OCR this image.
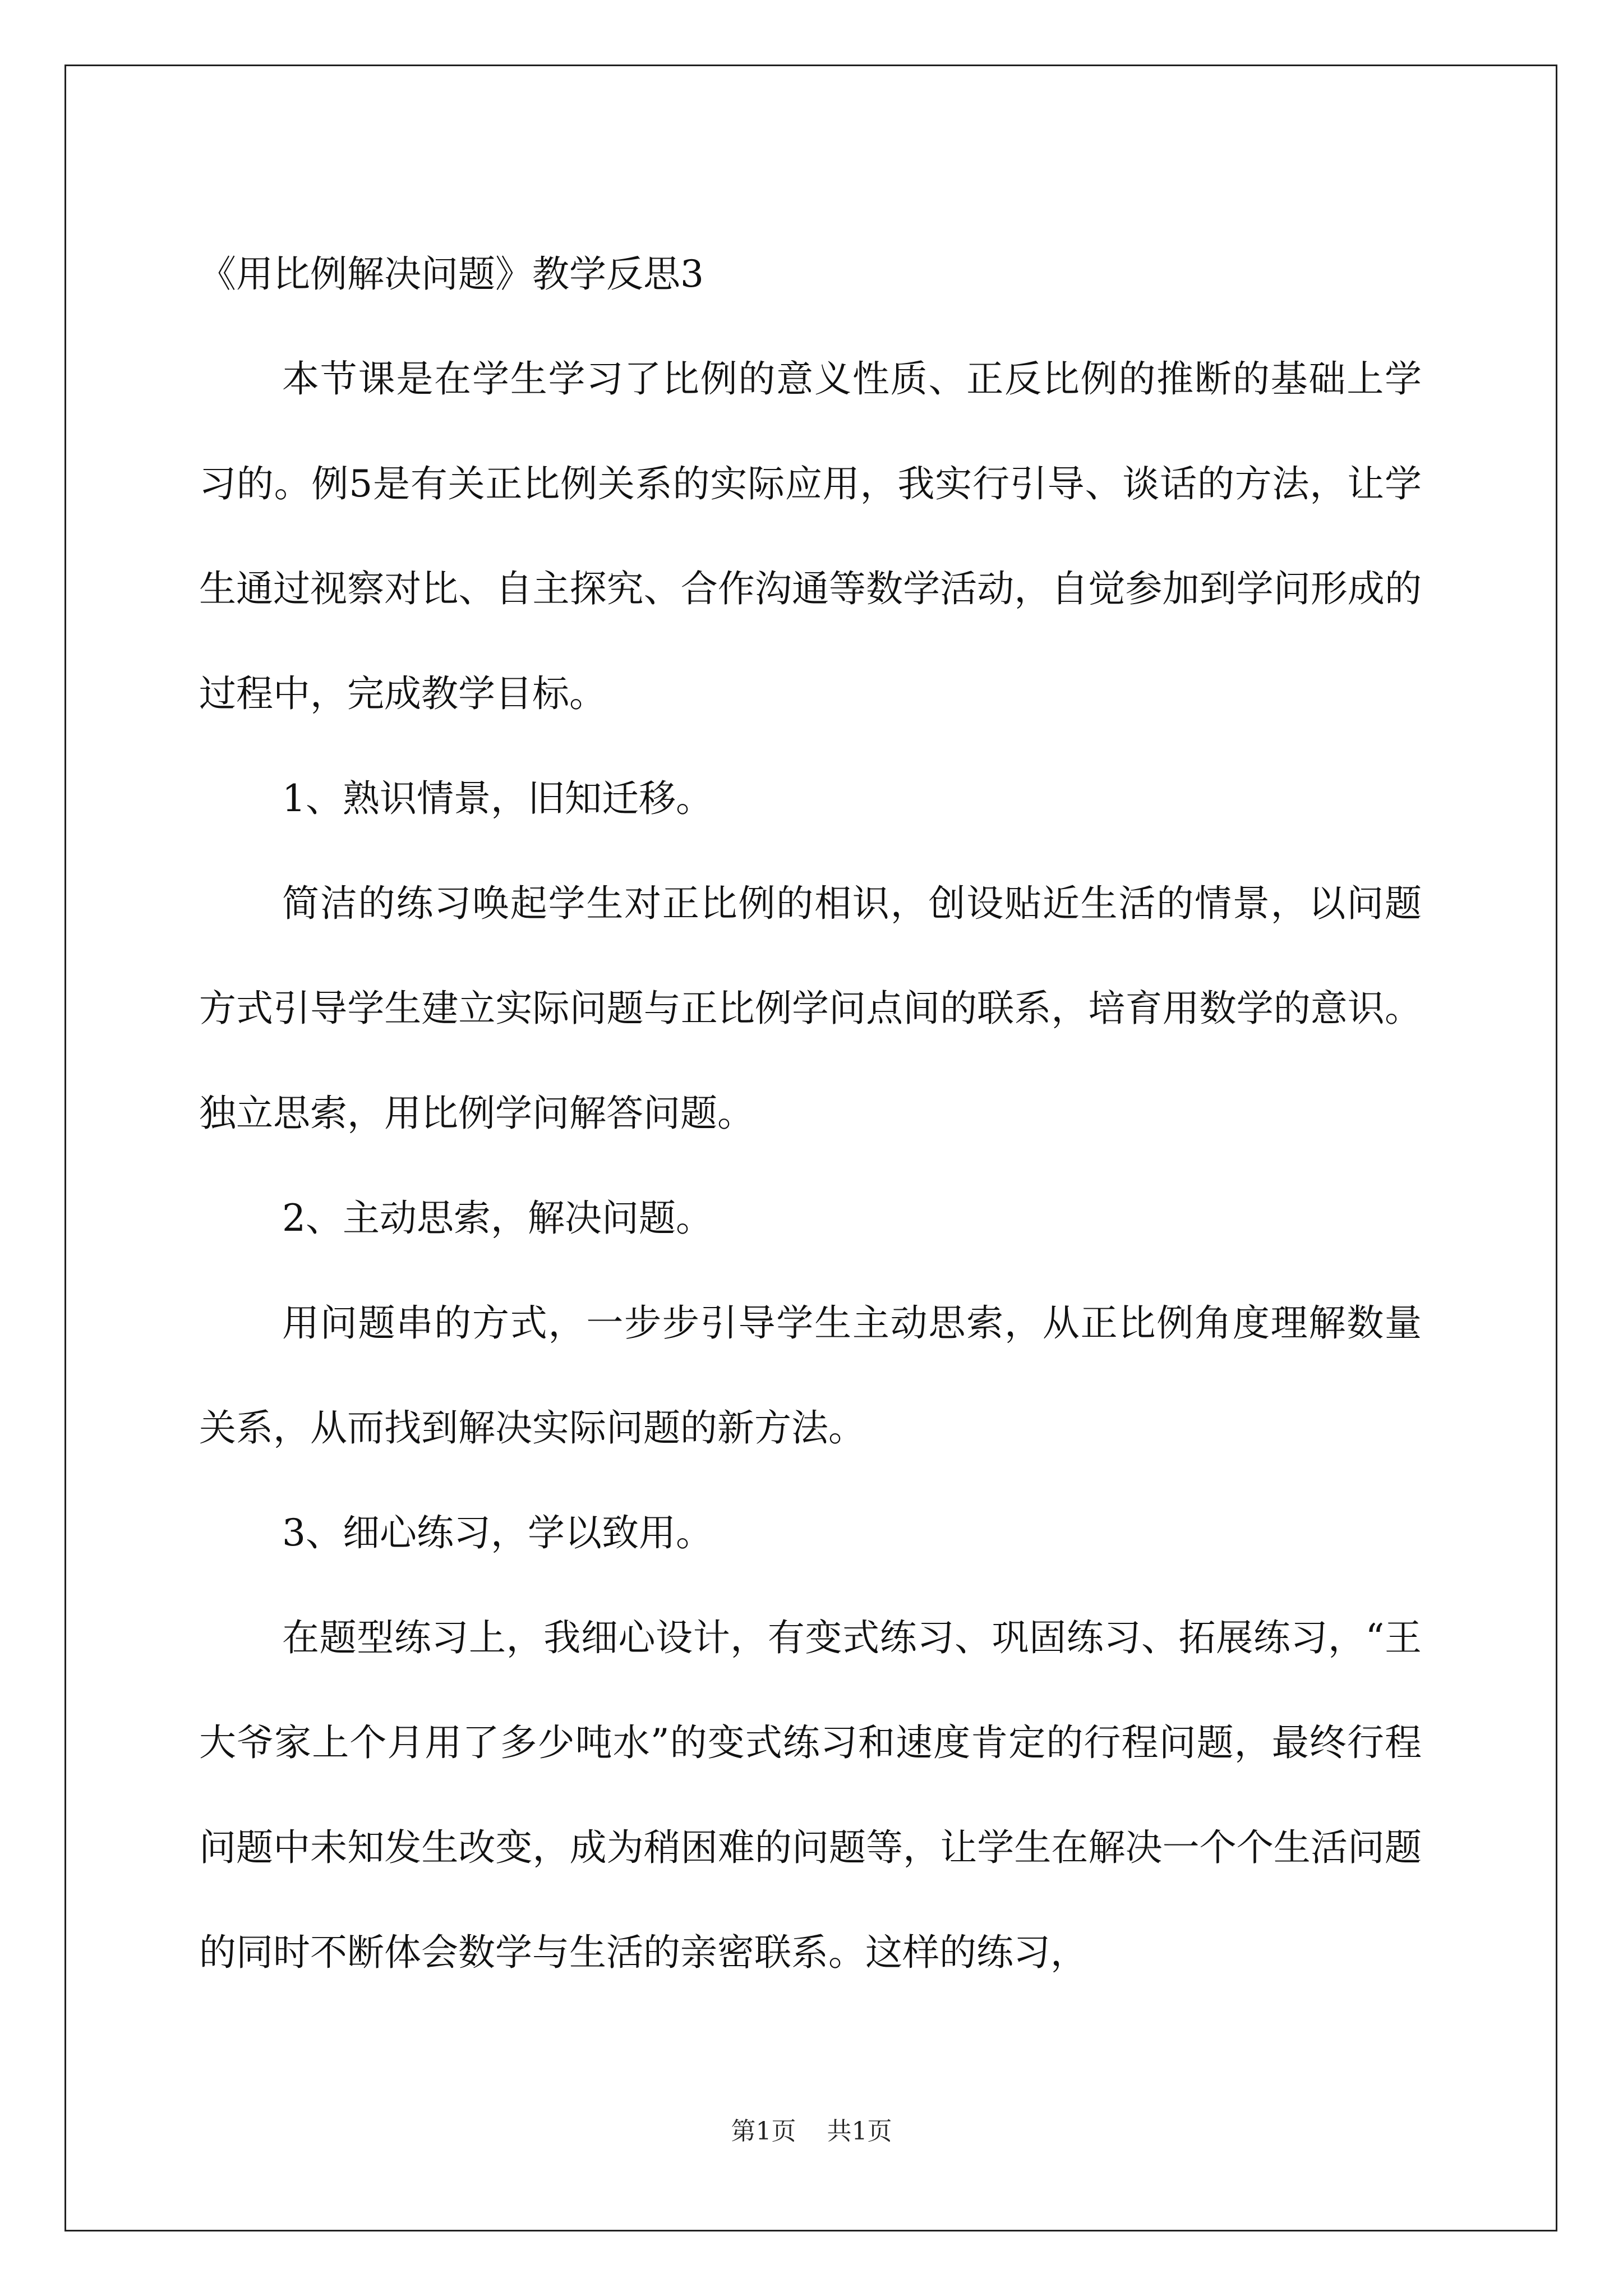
《用比例解决问题》教学反思3

本节课是在学生学习了比例的意义性质、正反比例的推断的基础上学习的。例5是有关正比例关系的实际应用，我实行引导、谈话的方法，让学生通过视察对比、自主探究、合作沟通等数学活动，自觉参加到学问形成的过程中，完成教学目标。

1、熟识情景，旧知迁移。

简洁的练习唤起学生对正比例的相识，创设贴近生活的情景，以问题方式引导学生建立实际问题与正比例学问点间的联系，培育用数学的意识。独立思索，用比例学问解答问题。

2、主动思索，解决问题。

用问题串的方式，一步步引导学生主动思索，从正比例角度理解数量关系，从而找到解决实际问题的新方法。

3、细心练习，学以致用。

在题型练习上，我细心设计，有变式练习、巩固练习、拓展练习，“王大爷家上个月用了多少吨水”的变式练习和速度肯定的行程问题，最终行程问题中未知发生改变，成为稍困难的问题等，让学生在解决一个个生活问题的同时不断体会数学与生活的亲密联系。这样的练习，

第1页 共1页
